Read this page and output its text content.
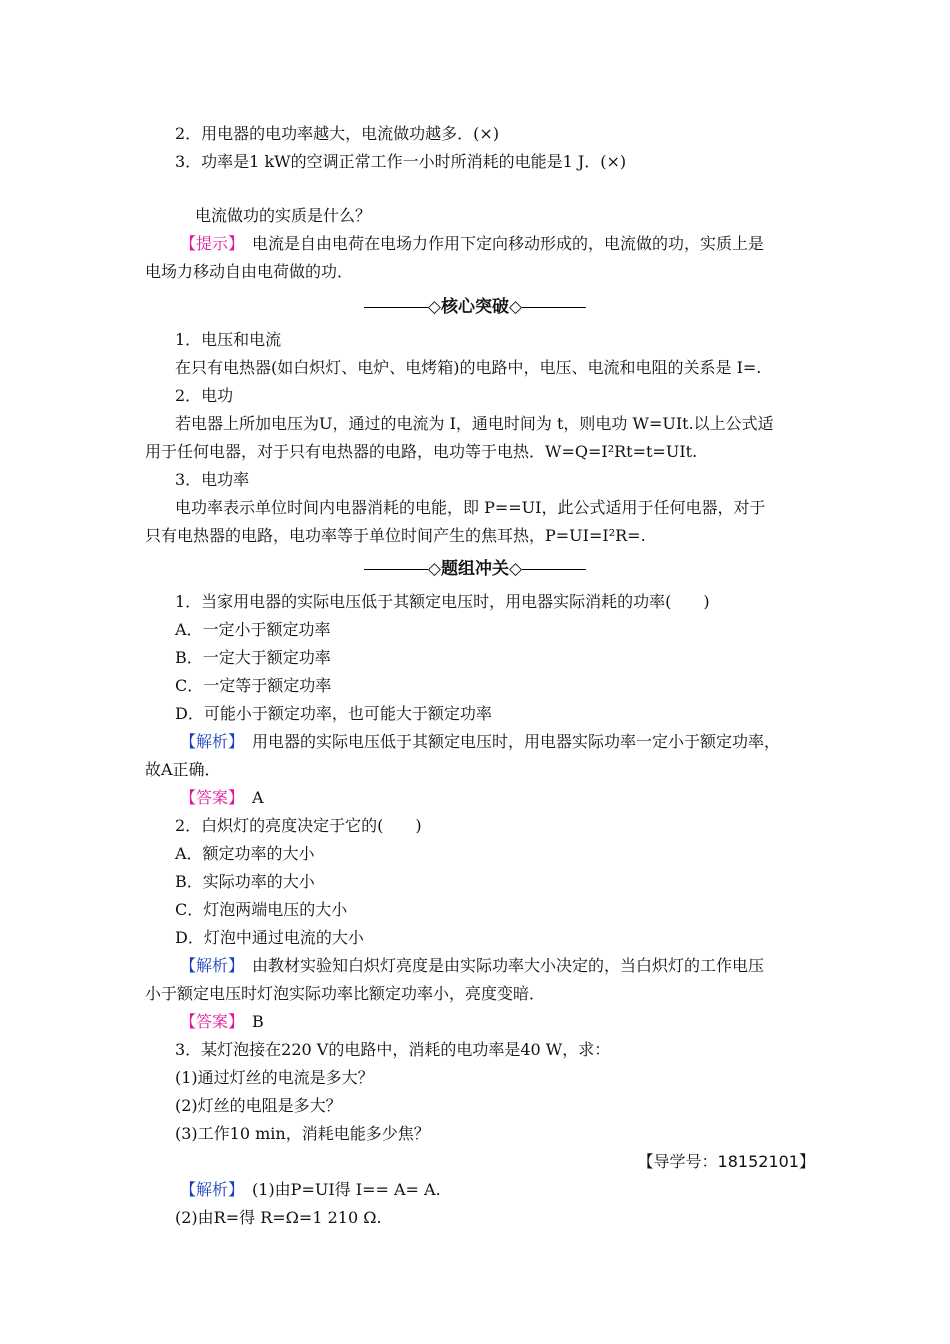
2．用电器的电功率越大，电流做功越多．(×)
3．功率是1 kW的空调正常工作一小时所消耗的电能是1 J．(×)
电流做功的实质是什么？
【提示】　电流是自由电荷在电场力作用下定向移动形成的，电流做的功，实质上是
电场力移动自由电荷做的功．
◇核心突破◇
1．电压和电流
在只有电热器(如白炽灯、电炉、电烤箱)的电路中，电压、电流和电阻的关系是 I=.
2．电功
若电器上所加电压为U，通过的电流为 I，通电时间为 t，则电功 W=UIt.以上公式适
用于任何电器，对于只有电热器的电路，电功等于电热．W=Q=I²Rt=t=UIt.
3．电功率
电功率表示单位时间内电器消耗的电能，即 P==UI，此公式适用于任何电器，对于
只有电热器的电路，电功率等于单位时间产生的焦耳热，P=UI=I²R=.
◇题组冲关◇
1．当家用电器的实际电压低于其额定电压时，用电器实际消耗的功率(　　)
A．一定小于额定功率
B．一定大于额定功率
C．一定等于额定功率
D．可能小于额定功率，也可能大于额定功率
【解析】　用电器的实际电压低于其额定电压时，用电器实际功率一定小于额定功率，
故A正确．
【答案】　A
2．白炽灯的亮度决定于它的(　　)
A．额定功率的大小
B．实际功率的大小
C．灯泡两端电压的大小
D．灯泡中通过电流的大小
【解析】　由教材实验知白炽灯亮度是由实际功率大小决定的，当白炽灯的工作电压
小于额定电压时灯泡实际功率比额定功率小，亮度变暗．
【答案】　B
3．某灯泡接在220 V的电路中，消耗的电功率是40 W，求：
(1)通过灯丝的电流是多大？
(2)灯丝的电阻是多大？
(3)工作10 min，消耗电能多少焦？
【导学号：18152101】
【解析】　(1)由P=UI得 I== A= A.
(2)由R=得 R=Ω=1 210 Ω.
